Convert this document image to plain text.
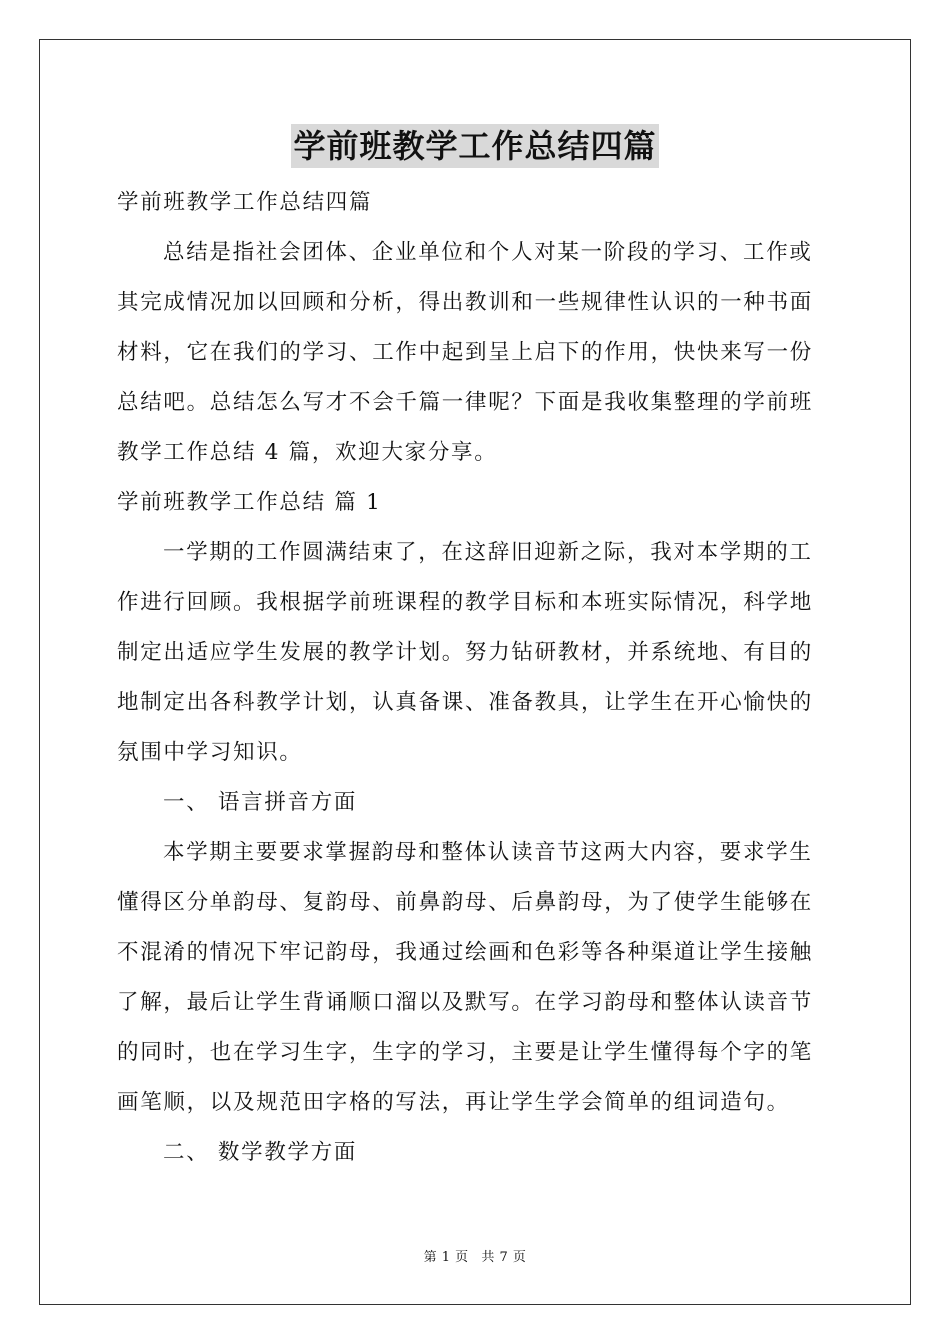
学前班教学工作总结四篇
学前班教学工作总结四篇
总结是指社会团体、企业单位和个人对某一阶段的学习、工作或
其完成情况加以回顾和分析，得出教训和一些规律性认识的一种书面
材料，它在我们的学习、工作中起到呈上启下的作用，快快来写一份
总结吧。总结怎么写才不会千篇一律呢？下面是我收集整理的学前班
教学工作总结 4 篇，欢迎大家分享。
学前班教学工作总结 篇 1
一学期的工作圆满结束了，在这辞旧迎新之际，我对本学期的工
作进行回顾。我根据学前班课程的教学目标和本班实际情况，科学地
制定出适应学生发展的教学计划。努力钻研教材，并系统地、有目的
地制定出各科教学计划，认真备课、准备教具，让学生在开心愉快的
氛围中学习知识。
一、 语言拼音方面
本学期主要要求掌握韵母和整体认读音节这两大内容，要求学生
懂得区分单韵母、复韵母、前鼻韵母、后鼻韵母，为了使学生能够在
不混淆的情况下牢记韵母，我通过绘画和色彩等各种渠道让学生接触
了解，最后让学生背诵顺口溜以及默写。在学习韵母和整体认读音节
的同时，也在学习生字，生字的学习，主要是让学生懂得每个字的笔
画笔顺，以及规范田字格的写法，再让学生学会简单的组词造句。
二、 数学教学方面
第 1 页 共 7 页
